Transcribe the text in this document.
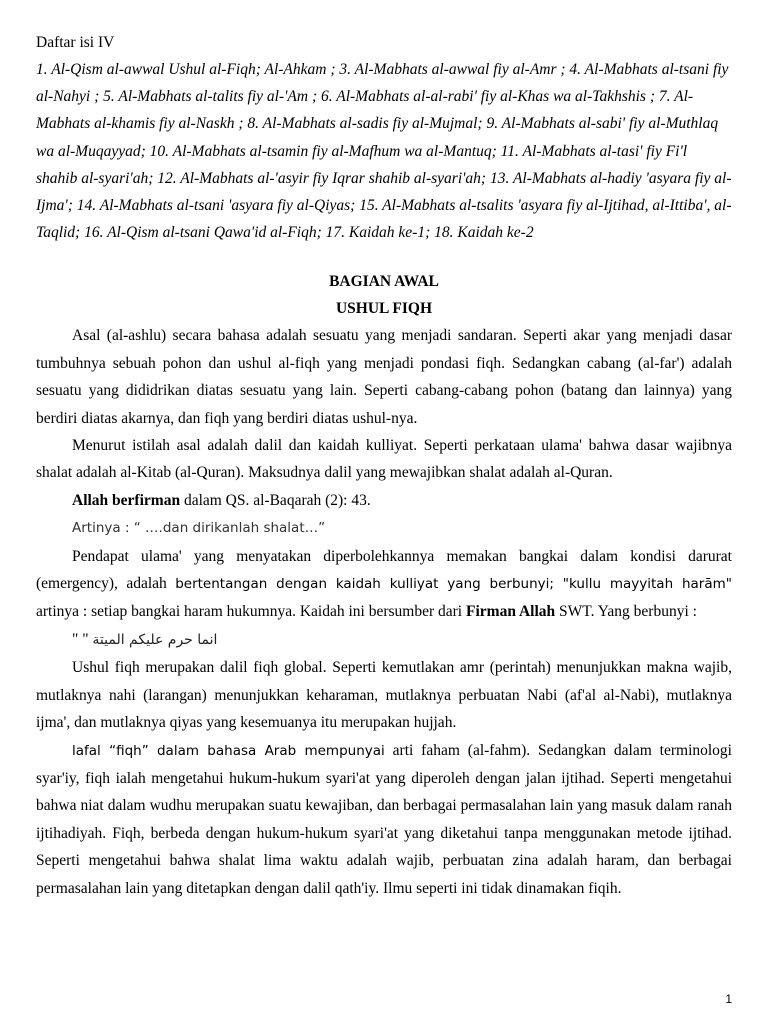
Daftar isi IV
1. Al-Qism al-awwal Ushul al-Fiqh; Al-Ahkam ; 3. Al-Mabhats al-awwal fiy al-Amr ; 4. Al-Mabhats al-tsani fiy al-Nahyi ; 5. Al-Mabhats al-talits fiy al-'Am ; 6. Al-Mabhats al-al-rabi' fiy al-Khas wa al-Takhshis ; 7. Al-Mabhats al-khamis fiy al-Naskh ; 8. Al-Mabhats al-sadis fiy al-Mujmal; 9. Al-Mabhats al-sabi' fiy al-Muthlaq wa al-Muqayyad; 10. Al-Mabhats al-tsamin fiy al-Mafhum wa al-Mantuq; 11. Al-Mabhats al-tasi' fiy Fi'l shahib al-syari'ah; 12. Al-Mabhats al-'asyir fiy Iqrar shahib al-syari'ah; 13. Al-Mabhats al-hadiy 'asyara fiy al-Ijma'; 14. Al-Mabhats al-tsani 'asyara fiy al-Qiyas; 15. Al-Mabhats al-tsalits 'asyara fiy al-Ijtihad, al-Ittiba', al-Taqlid; 16. Al-Qism al-tsani Qawa'id al-Fiqh; 17. Kaidah ke-1; 18. Kaidah ke-2
BAGIAN AWAL
USHUL FIQH

Asal (al-ashlu) secara bahasa adalah sesuatu yang menjadi sandaran. Seperti akar yang menjadi dasar tumbuhnya sebuah pohon dan ushul al-fiqh yang menjadi pondasi fiqh. Sedangkan cabang (al-far') adalah sesuatu yang dididrikan diatas sesuatu yang lain. Seperti cabang-cabang pohon (batang dan lainnya) yang berdiri diatas akarnya, dan fiqh yang berdiri diatas ushul-nya.

Menurut istilah asal adalah dalil dan kaidah kulliyat. Seperti perkataan ulama' bahwa dasar wajibnya shalat adalah al-Kitab (al-Quran). Maksudnya dalil yang mewajibkan shalat adalah al-Quran.

Allah berfirman dalam QS. al-Baqarah (2): 43.

Artinya : “ .…dan dirikanlah shalat…”

Pendapat ulama' yang menyatakan diperbolehkannya memakan bangkai dalam kondisi darurat (emergency), adalah bertentangan dengan kaidah kulliyat yang berbunyi; "kullu mayyitah harām" artinya : setiap bangkai haram hukumnya. Kaidah ini bersumber dari Firman Allah SWT. Yang berbunyi :

" " انما حرم عليكم الميتة

Ushul fiqh merupakan dalil fiqh global. Seperti kemutlakan amr (perintah) menunjukkan makna wajib, mutlaknya nahi (larangan) menunjukkan keharaman, mutlaknya perbuatan Nabi (af'al al-Nabi), mutlaknya ijma', dan mutlaknya qiyas yang kesemuanya itu merupakan hujjah.

lafal “fiqh” dalam bahasa Arab mempunyai arti faham (al-fahm). Sedangkan dalam terminologi syar'iy, fiqh ialah mengetahui hukum-hukum syari'at yang diperoleh dengan jalan ijtihad. Seperti mengetahui bahwa niat dalam wudhu merupakan suatu kewajiban, dan berbagai permasalahan lain yang masuk dalam ranah ijtihadiyah. Fiqh, berbeda dengan hukum-hukum syari'at yang diketahui tanpa menggunakan metode ijtihad. Seperti mengetahui bahwa shalat lima waktu adalah wajib, perbuatan zina adalah haram, dan berbagai permasalahan lain yang ditetapkan dengan dalil qath'iy. Ilmu seperti ini tidak dinamakan fiqih.

1
